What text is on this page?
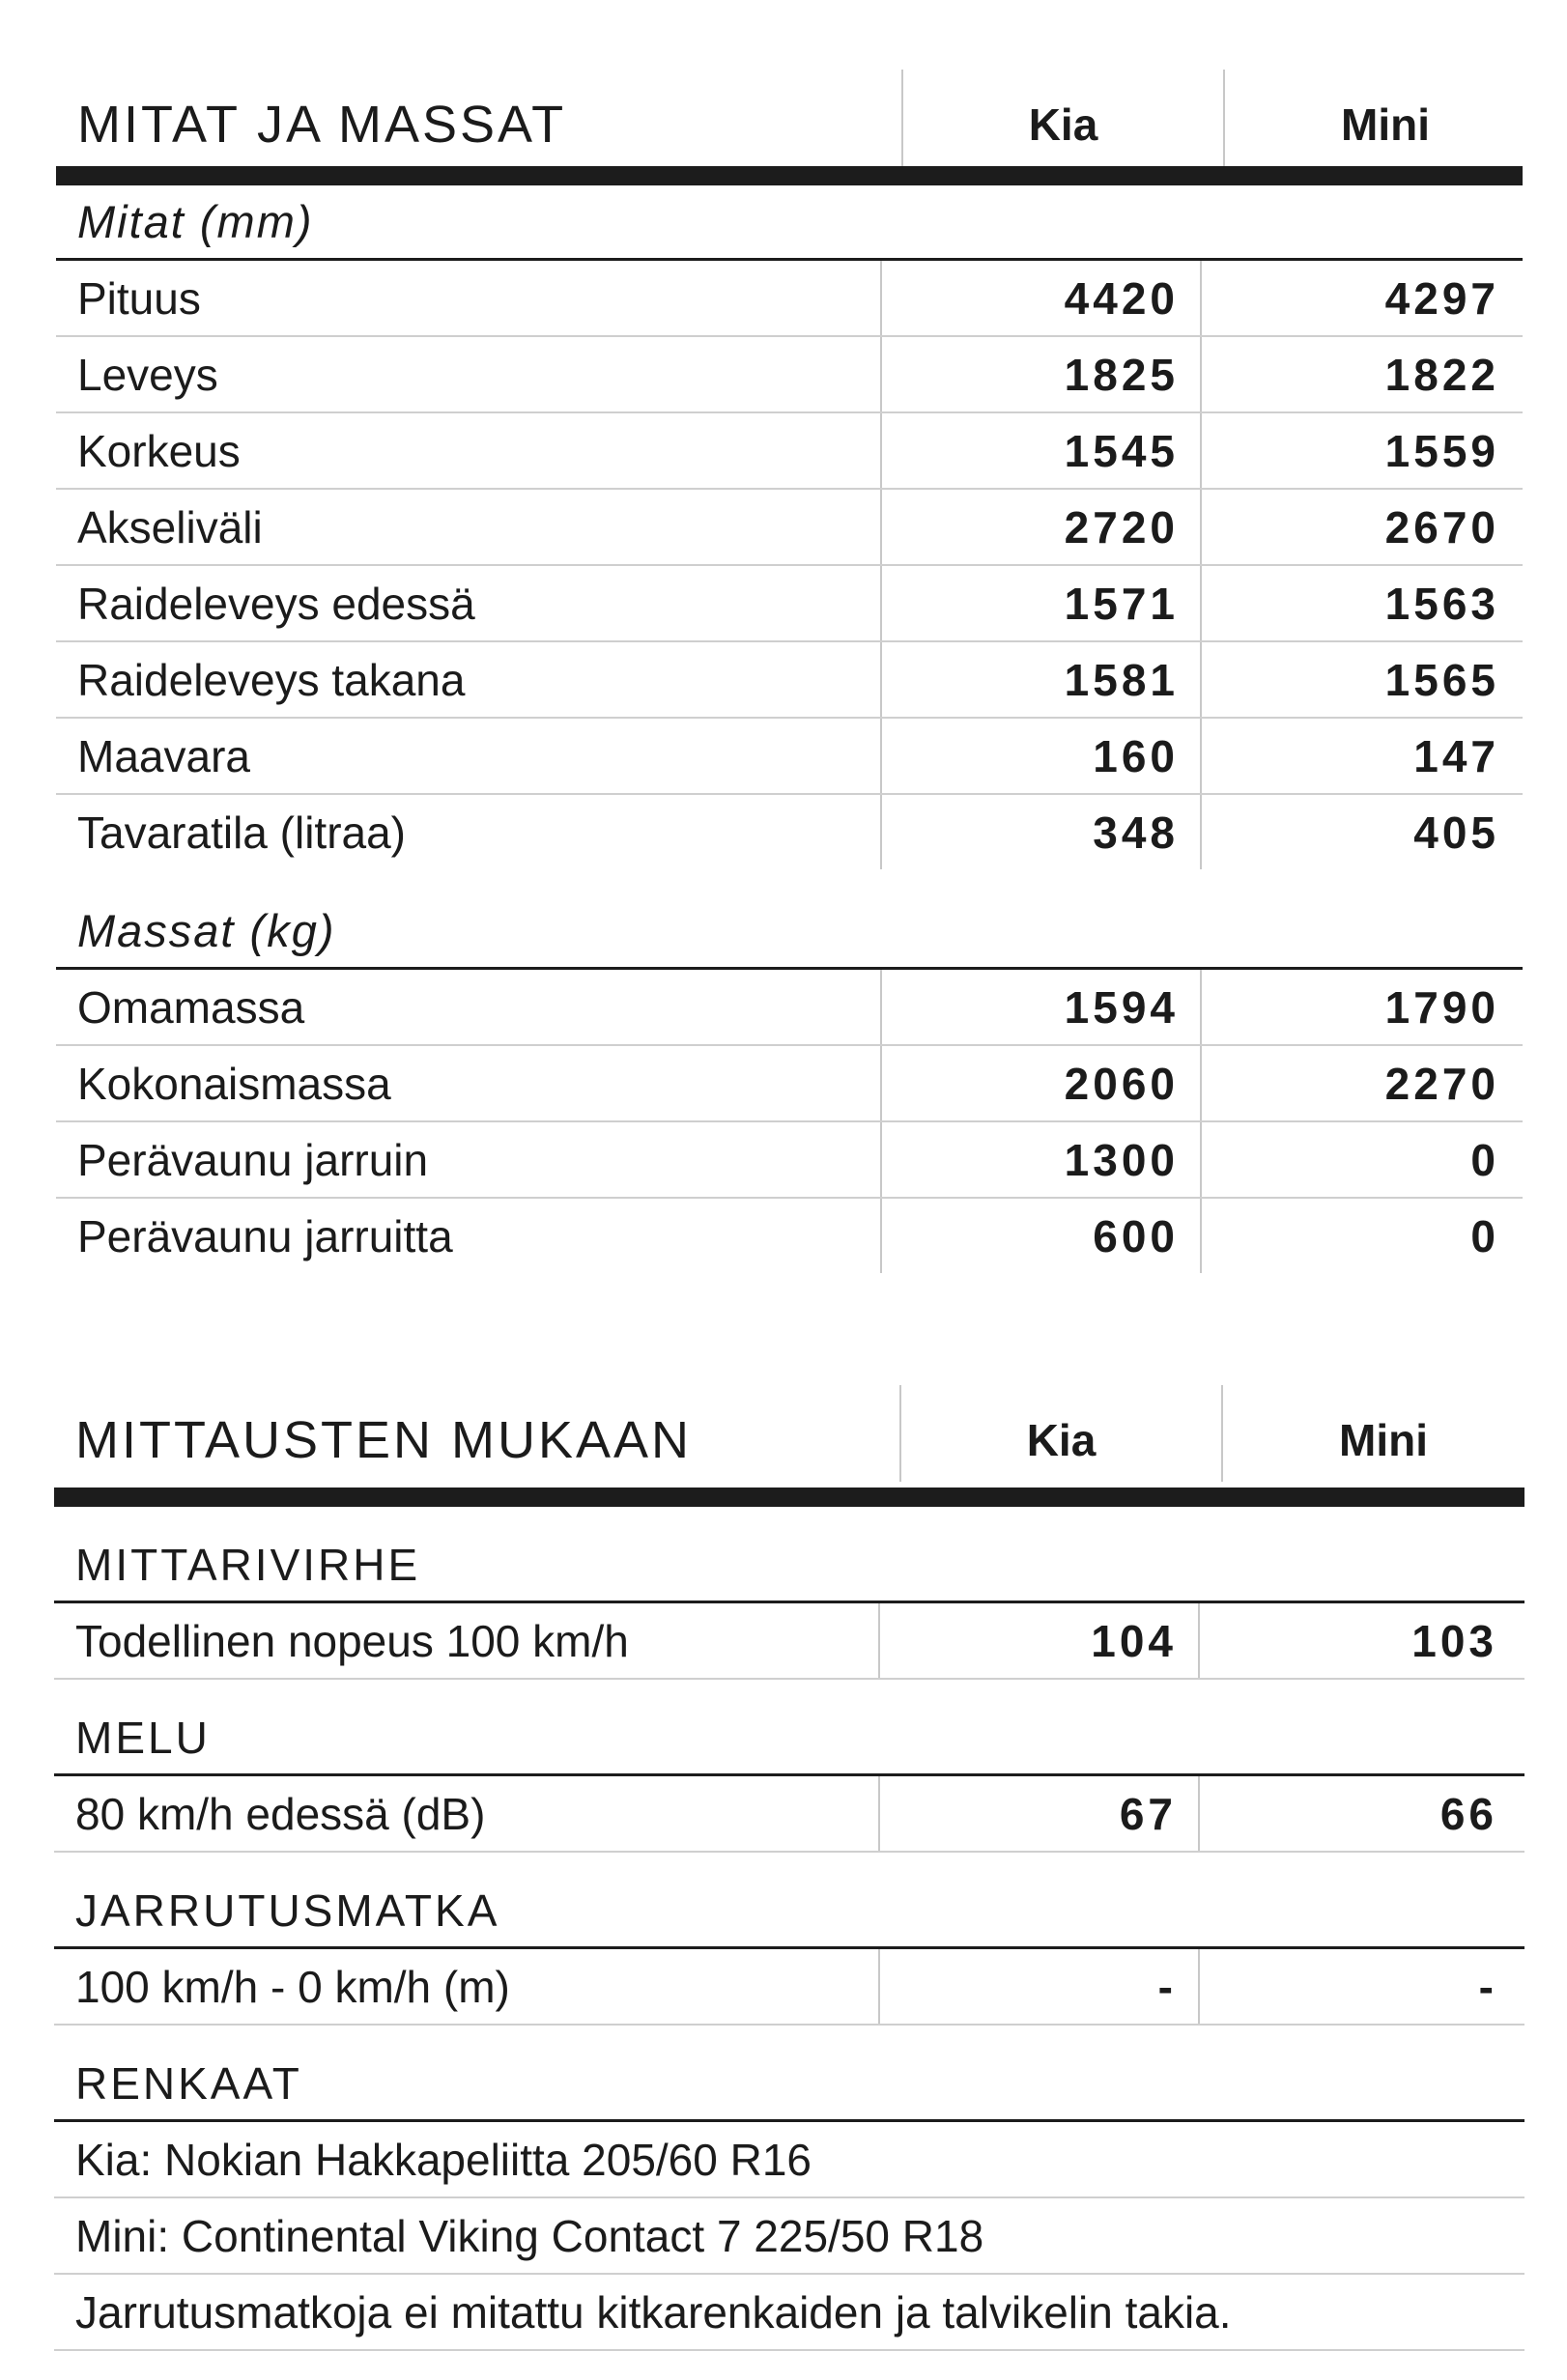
MITAT JA MASSAT	Kia	Mini
Mitat (mm)
Pituus	4420	4297
Leveys	1825	1822
Korkeus	1545	1559
Akseliväli	2720	2670
Raideleveys edessä	1571	1563
Raideleveys takana	1581	1565
Maavara	160	147
Tavaratila (litraa)	348	405
Massat (kg)
Omamassa	1594	1790
Kokonaismassa	2060	2270
Perävaunu jarruin	1300	0
Perävaunu jarruitta	600	0
MITTAUSTEN MUKAAN	Kia	Mini
MITTARIVIRHE
Todellinen nopeus 100 km/h	104	103
MELU
80 km/h edessä (dB)	67	66
JARRUTUSMATKA
100 km/h - 0 km/h (m)	-	-
RENKAAT
Kia: Nokian Hakkapeliitta 205/60 R16
Mini: Continental Viking Contact 7 225/50 R18
Jarrutusmatkoja ei mitattu kitkarenkaiden ja talvikelin takia.
